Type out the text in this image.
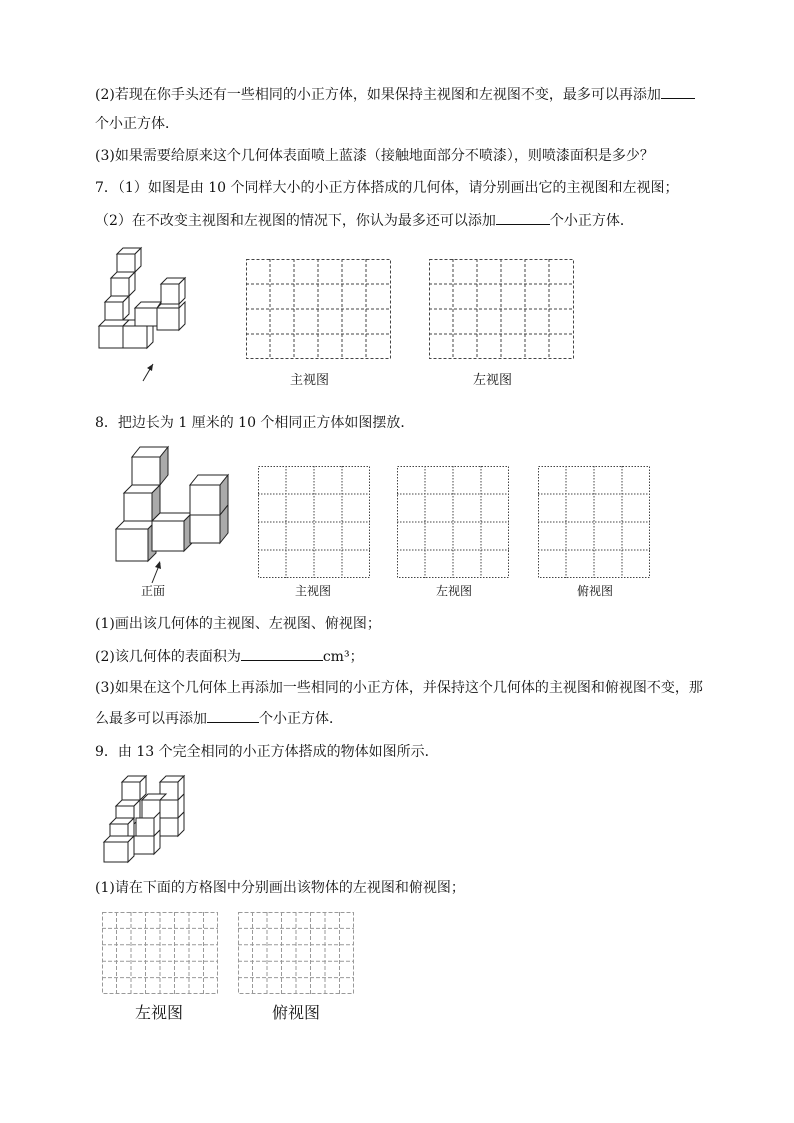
(2)若现在你手头还有一些相同的小正方体，如果保持主视图和左视图不变，最多可以再添加
个小正方体．
(3)如果需要给原来这个几何体表面喷上蓝漆（接触地面部分不喷漆），则喷漆面积是多少？
7．（1）如图是由 10 个同样大小的小正方体搭成的几何体，请分别画出它的主视图和左视图；
（2）在不改变主视图和左视图的情况下，你认为最多还可以添加	个小正方体．
主视图	左视图
8．把边长为 1 厘米的 10 个相同正方体如图摆放．
正面	主视图	左视图	俯视图
(1)画出该几何体的主视图、左视图、俯视图；
(2)该几何体的表面积为	cm³；
(3)如果在这个几何体上再添加一些相同的小正方体，并保持这个几何体的主视图和俯视图不变，那
么最多可以再添加	个小正方体．
9．由 13 个完全相同的小正方体搭成的物体如图所示．
(1)请在下面的方格图中分别画出该物体的左视图和俯视图；
左视图	俯视图
